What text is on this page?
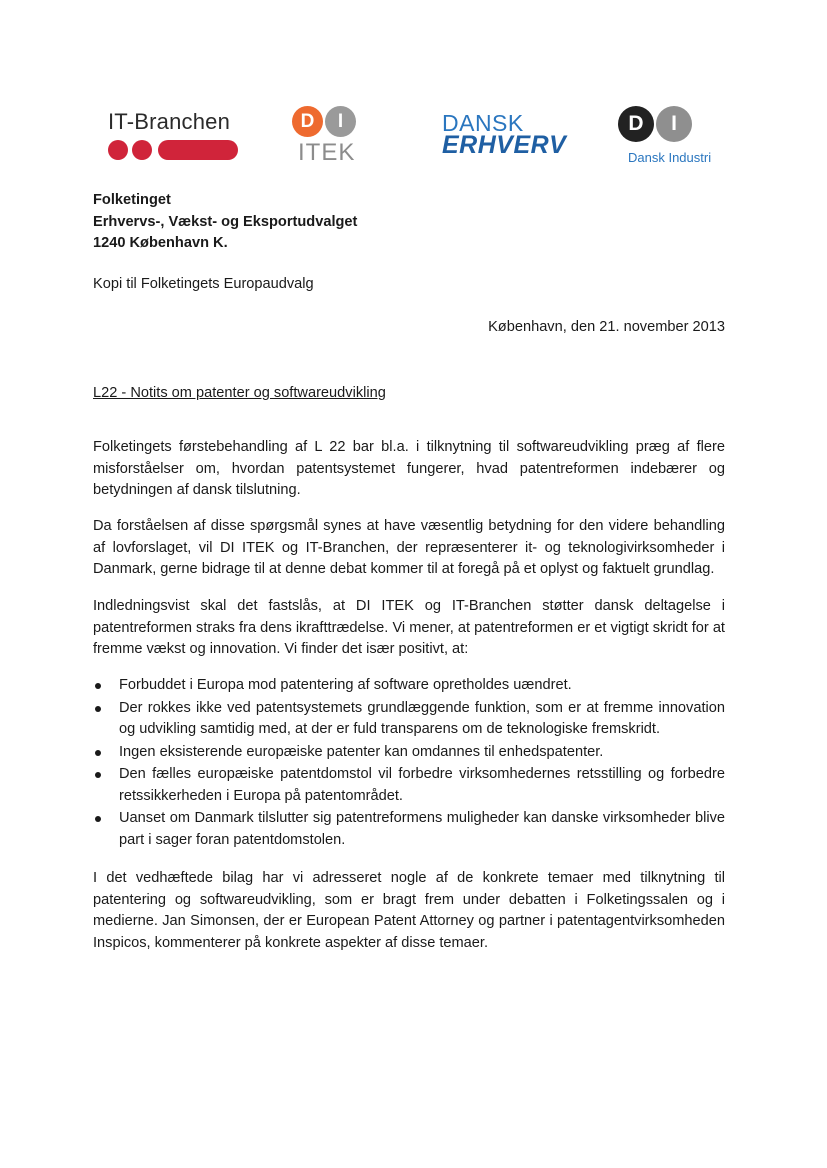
IT-Branchen	D	I
ITEK
DANSK
ERHVERV
D	I
Dansk Industri
Folketinget
Erhvervs-, Vækst- og Eksportudvalget
1240 København K.
Kopi til Folketingets Europaudvalg
København, den 21. november 2013
L22 - Notits om patenter og softwareudvikling
Folketingets førstebehandling af L 22 bar bl.a. i tilknytning til softwareudvikling præg af flere misforståelser om, hvordan patentsystemet fungerer, hvad patentreformen indebærer og betydningen af dansk tilslutning.
Da forståelsen af disse spørgsmål synes at have væsentlig betydning for den videre behandling af lovforslaget, vil DI ITEK og IT-Branchen, der repræsenterer it- og teknologivirksomheder i Danmark, gerne bidrage til at denne debat kommer til at foregå på et oplyst og faktuelt grundlag.
Indledningsvist skal det fastslås, at DI ITEK og IT-Branchen støtter dansk deltagelse i patentreformen straks fra dens ikrafttrædelse. Vi mener, at patentreformen er et vigtigt skridt for at fremme vækst og innovation. Vi finder det især positivt, at:
Forbuddet i Europa mod patentering af software opretholdes uændret.
Der rokkes ikke ved patentsystemets grundlæggende funktion, som er at fremme innovation og udvikling samtidig med, at der er fuld transparens om de teknologiske fremskridt.
Ingen eksisterende europæiske patenter kan omdannes til enhedspatenter.
Den fælles europæiske patentdomstol vil forbedre virksomhedernes retsstilling og forbedre retssikkerheden i Europa på patentområdet.
Uanset om Danmark tilslutter sig patentreformens muligheder kan danske virksomheder blive part i sager foran patentdomstolen.
I det vedhæftede bilag har vi adresseret nogle af de konkrete temaer med tilknytning til patentering og softwareudvikling, som er bragt frem under debatten i Folketingssalen og i medierne. Jan Simonsen, der er European Patent Attorney og partner i patentagentvirksomheden Inspicos, kommenterer på konkrete aspekter af disse temaer.
